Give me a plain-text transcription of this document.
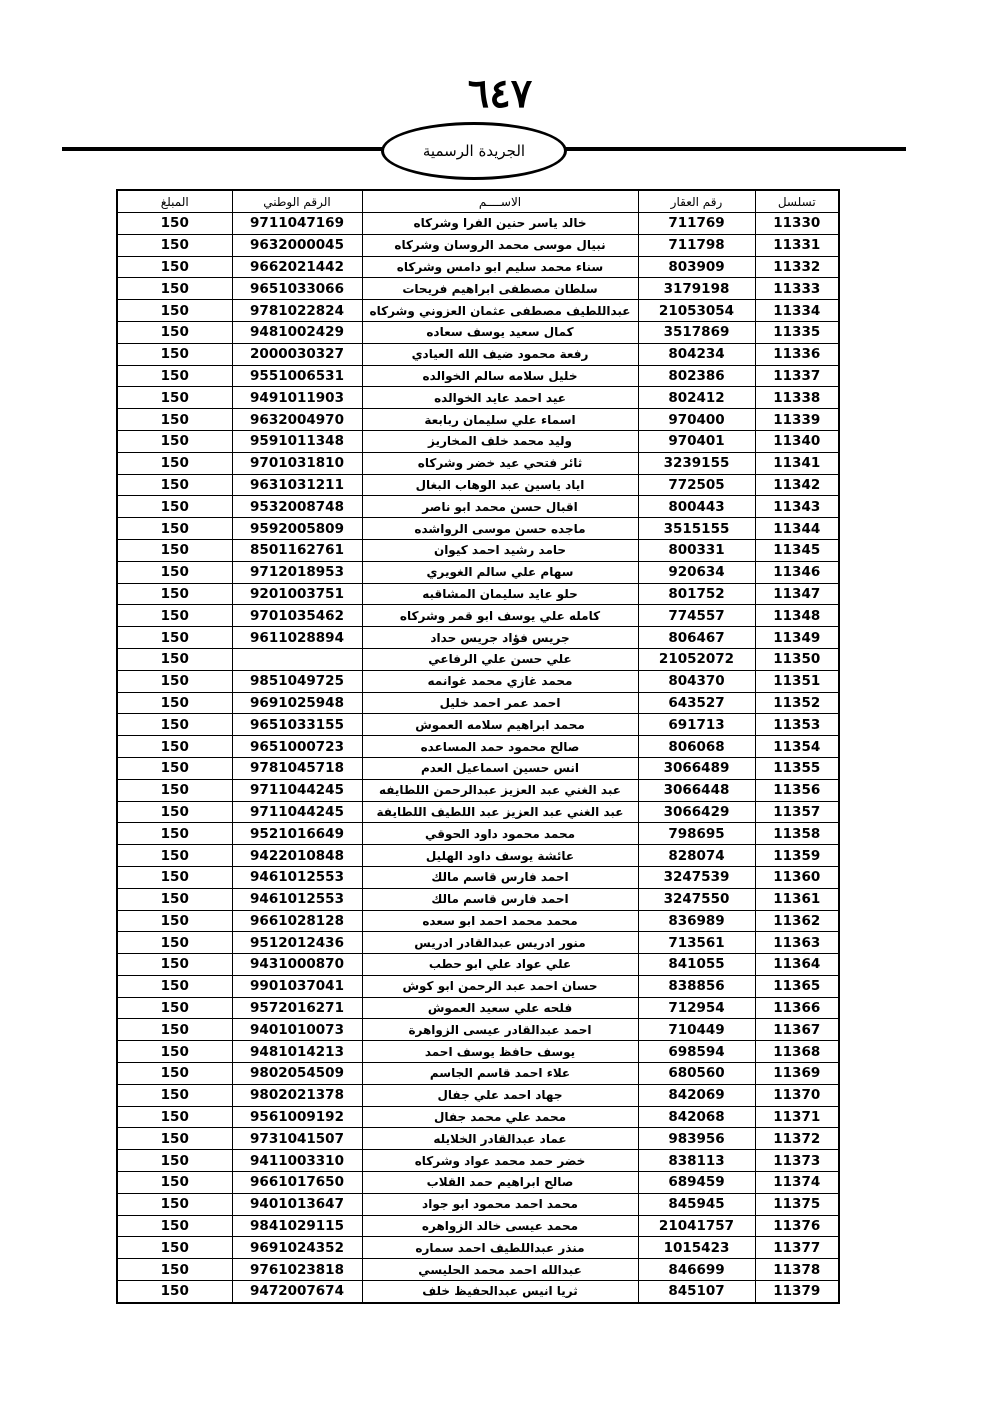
٦٤٧
الجريدة الرسمية
تسلسل	رقم العقار	الاســــم	الرقم الوطني	المبلغ
11330	711769	خالد ياسر حنين الفرا وشركاه	9711047169	150
11331	711798	نبيال موسى محمد الروسان وشركاه	9632000045	150
11332	803909	سناء محمد سليم ابو دامس وشركاه	9662021442	150
11333	3179198	سلطان مصطفى ابراهيم فريحات	9651033066	150
11334	21053054	عبداللطيف مصطفى عثمان العزوني وشركاه	9781022824	150
11335	3517869	كمال سعيد يوسف سعاده	9481002429	150
11336	804234	رفعة محمود ضيف الله العيادي	2000030327	150
11337	802386	خليل سلامه سالم الخوالده	9551006531	150
11338	802412	عيد احمد عايد الخوالده	9491011903	150
11339	970400	اسماء علي سليمان ربابعة	9632004970	150
11340	970401	وليد محمد خلف المخاريز	9591011348	150
11341	3239155	ثائر فتحي عيد خضر وشركاه	9701031810	150
11342	772505	اياد ياسين عبد الوهاب البغال	9631031211	150
11343	800443	اقبال حسن محمد ابو ناصر	9532008748	150
11344	3515155	ماجده حسن موسى الرواشده	9592005809	150
11345	800331	حامد رشيد احمد كيوان	8501162761	150
11346	920634	سهام علي سالم الغويري	9712018953	150
11347	801752	حلو عايد سليمان المشاقبه	9201003751	150
11348	774557	كامله علي يوسف ابو قمر وشركاه	9701035462	150
11349	806467	جريس فؤاد جريس حداد	9611028894	150
11350	21052072	علي حسن علي الرفاعي		150
11351	804370	محمد غازي محمد غوانمه	9851049725	150
11352	643527	احمد عمر احمد خليل	9691025948	150
11353	691713	محمد ابراهيم سلامه العموش	9651033155	150
11354	806068	صالح محمود حمد المساعده	9651000723	150
11355	3066489	انس حسين اسماعيل العدم	9781045718	150
11356	3066448	عبد الغني عبد العزيز عبدالرحمن اللطايفه	9711044245	150
11357	3066429	عبد الغني عبد العزيز عبد اللطيف اللطايفة	9711044245	150
11358	798695	محمد محمود داود الحوقي	9521016649	150
11359	828074	عائشة يوسف داود الهليل	9422010848	150
11360	3247539	احمد فارس قاسم مالك	9461012553	150
11361	3247550	احمد فارس قاسم مالك	9461012553	150
11362	836989	محمد محمد احمد ابو سعده	9661028128	150
11363	713561	منور ادريس عبدالقادر ادريس	9512012436	150
11364	841055	علي عواد علي ابو حطب	9431000870	150
11365	838856	حسان احمد عبد الرحمن ابو كوش	9901037041	150
11366	712954	فلحه علي سعيد العموش	9572016271	150
11367	710449	احمد عبدالقادر عيسى الزواهرة	9401010073	150
11368	698594	يوسف حافظ يوسف احمد	9481014213	150
11369	680560	علاء احمد قاسم الجاسم	9802054509	150
11370	842069	جهاد احمد علي جفال	9802021378	150
11371	842068	محمد علي محمد جفال	9561009192	150
11372	983956	عماد عبدالقادر الخلايله	9731041507	150
11373	838113	خضر حمد محمد عواد وشركاه	9411003310	150
11374	689459	صالح ابراهيم حمد القلاب	9661017650	150
11375	845945	محمد احمد محمود ابو جواد	9401013647	150
11376	21041757	محمد عيسى خالد الزواهره	9841029115	150
11377	1015423	منذر عبداللطيف احمد سماره	9691024352	150
11378	846699	عبدالله احمد محمد الحليسي	9761023818	150
11379	845107	ثريا انيس عبدالحفيظ خلف	9472007674	150
